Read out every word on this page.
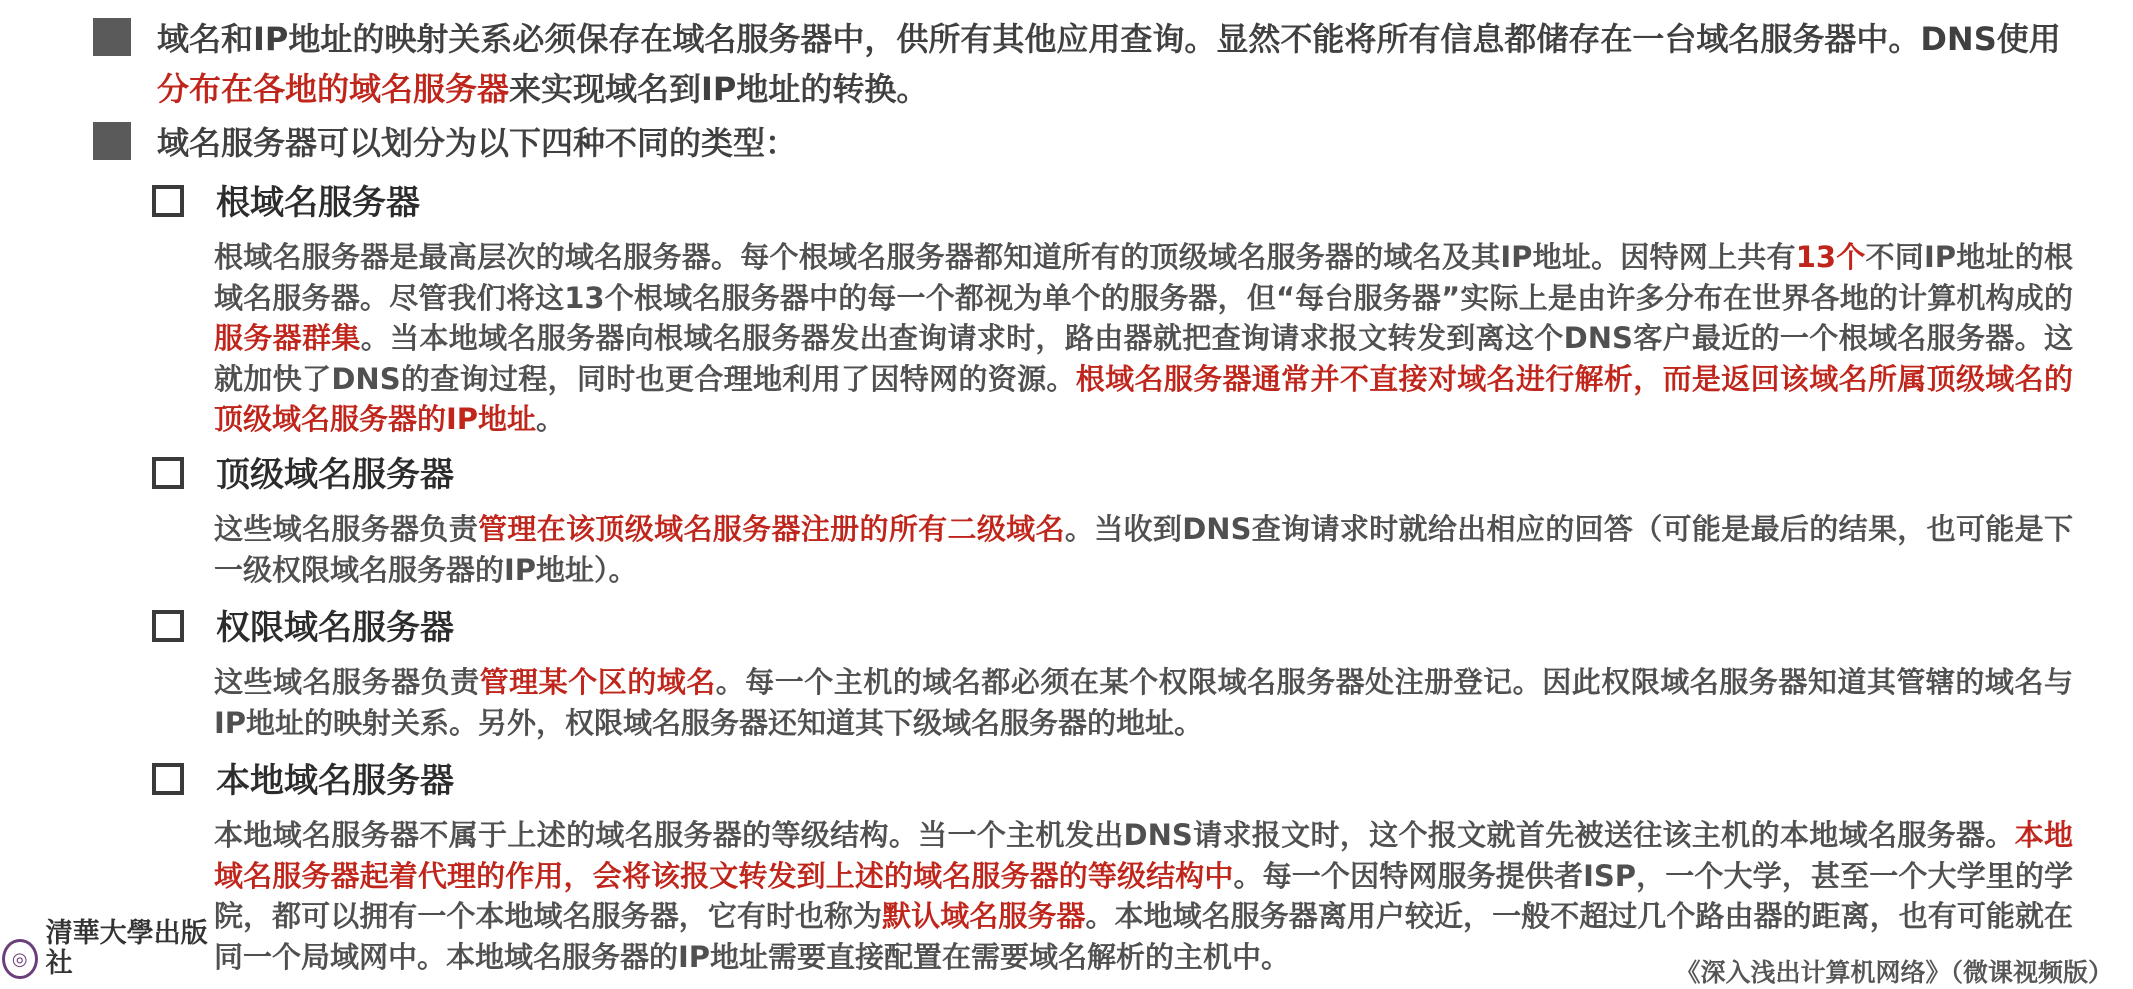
域名和IP地址的映射关系必须保存在域名服务器中，供所有其他应用查询。显然不能将所有信息都储存在一台域名服务器中。DNS使用分布在各地的域名服务器来实现域名到IP地址的转换。
域名服务器可以划分为以下四种不同的类型：
根域名服务器
根域名服务器是最高层次的域名服务器。每个根域名服务器都知道所有的顶级域名服务器的域名及其IP地址。因特网上共有13个不同IP地址的根域名服务器。尽管我们将这13个根域名服务器中的每一个都视为单个的服务器，但“每台服务器”实际上是由许多分布在世界各地的计算机构成的服务器群集。当本地域名服务器向根域名服务器发出查询请求时，路由器就把查询请求报文转发到离这个DNS客户最近的一个根域名服务器。这就加快了DNS的查询过程，同时也更合理地利用了因特网的资源。根域名服务器通常并不直接对域名进行解析，而是返回该域名所属顶级域名的顶级域名服务器的IP地址。
顶级域名服务器
这些域名服务器负责管理在该顶级域名服务器注册的所有二级域名。当收到DNS查询请求时就给出相应的回答（可能是最后的结果，也可能是下一级权限域名服务器的IP地址）。
权限域名服务器
这些域名服务器负责管理某个区的域名。每一个主机的域名都必须在某个权限域名服务器处注册登记。因此权限域名服务器知道其管辖的域名与IP地址的映射关系。另外，权限域名服务器还知道其下级域名服务器的地址。
本地域名服务器
本地域名服务器不属于上述的域名服务器的等级结构。当一个主机发出DNS请求报文时，这个报文就首先被送往该主机的本地域名服务器。本地域名服务器起着代理的作用，会将该报文转发到上述的域名服务器的等级结构中。每一个因特网服务提供者ISP，一个大学，甚至一个大学里的学院，都可以拥有一个本地域名服务器，它有时也称为默认域名服务器。本地域名服务器离用户较近，一般不超过几个路由器的距离，也有可能就在同一个局域网中。本地域名服务器的IP地址需要直接配置在需要域名解析的主机中。
◎
清華大學出版社	《深入浅出计算机网络》（微课视频版）
